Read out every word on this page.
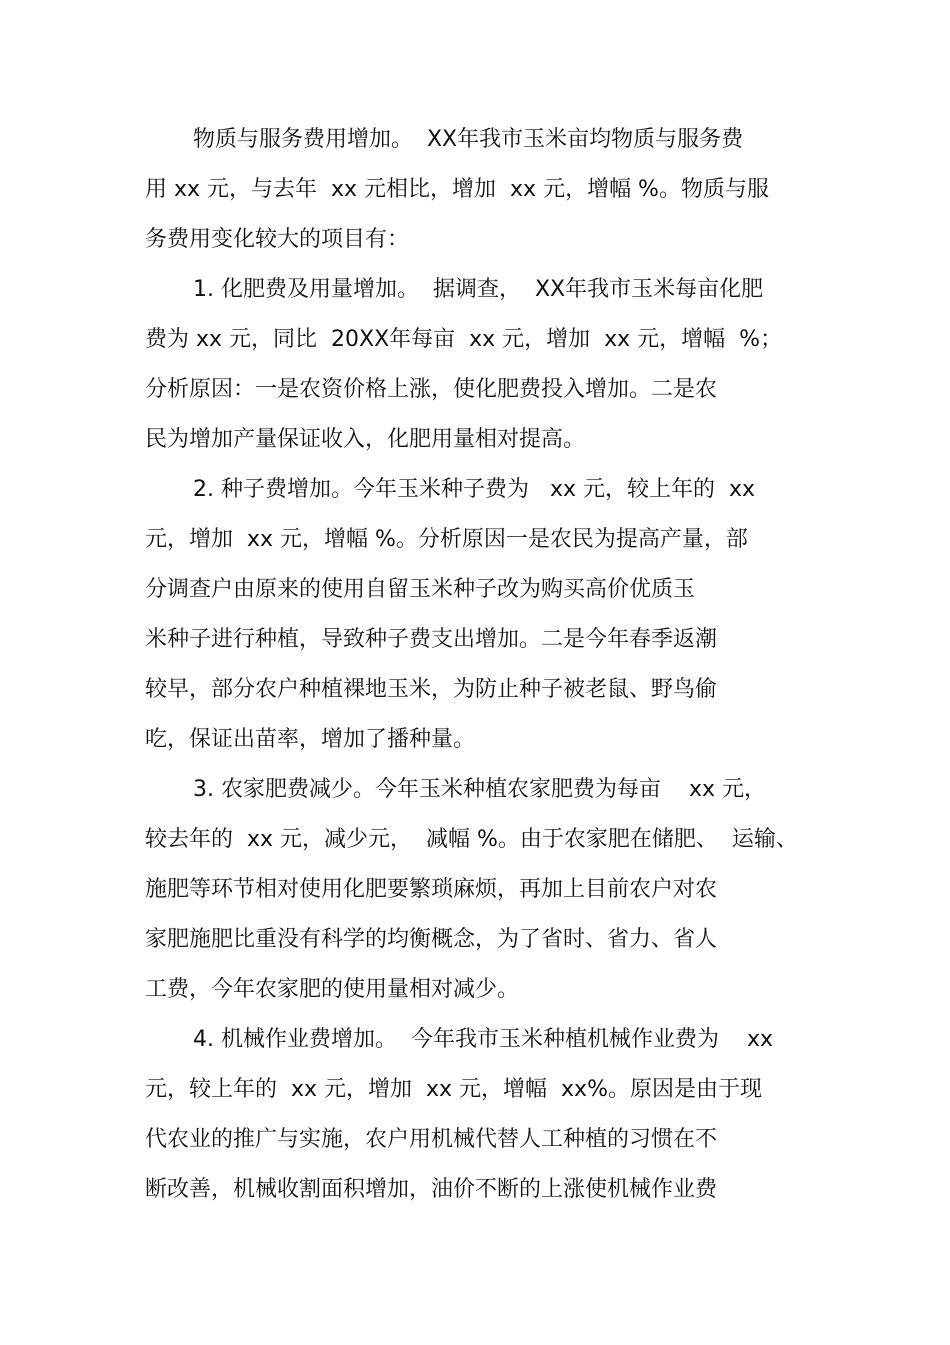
物质与服务费用增加。  XX年我市玉米亩均物质与服务费
用 xx 元，与去年  xx 元相比，增加  xx 元，增幅 %。物质与服
务费用变化较大的项目有：
1. 化肥费及用量增加。  据调查，  XX年我市玉米每亩化肥
费为 xx 元，同比  20XX年每亩  xx 元，增加  xx 元，增幅  %；
分析原因：一是农资价格上涨，使化肥费投入增加。二是农
民为增加产量保证收入，化肥用量相对提高。
2. 种子费增加。今年玉米种子费为   xx 元，较上年的  xx
元，增加  xx 元，增幅 %。分析原因一是农民为提高产量，部
分调查户由原来的使用自留玉米种子改为购买高价优质玉
米种子进行种植，导致种子费支出增加。二是今年春季返潮
较早，部分农户种植裸地玉米，为防止种子被老鼠、野鸟偷
吃，保证出苗率，增加了播种量。
3. 农家肥费减少。今年玉米种植农家肥费为每亩    xx 元，
较去年的  xx 元，减少元，  减幅 %。由于农家肥在储肥、  运输、
施肥等环节相对使用化肥要繁琐麻烦，再加上目前农户对农
家肥施肥比重没有科学的均衡概念，为了省时、省力、省人
工费，今年农家肥的使用量相对减少。
4. 机械作业费增加。  今年我市玉米种植机械作业费为    xx
元，较上年的  xx 元，增加  xx 元，增幅  xx%。原因是由于现
代农业的推广与实施，农户用机械代替人工种植的习惯在不
断改善，机械收割面积增加，油价不断的上涨使机械作业费
